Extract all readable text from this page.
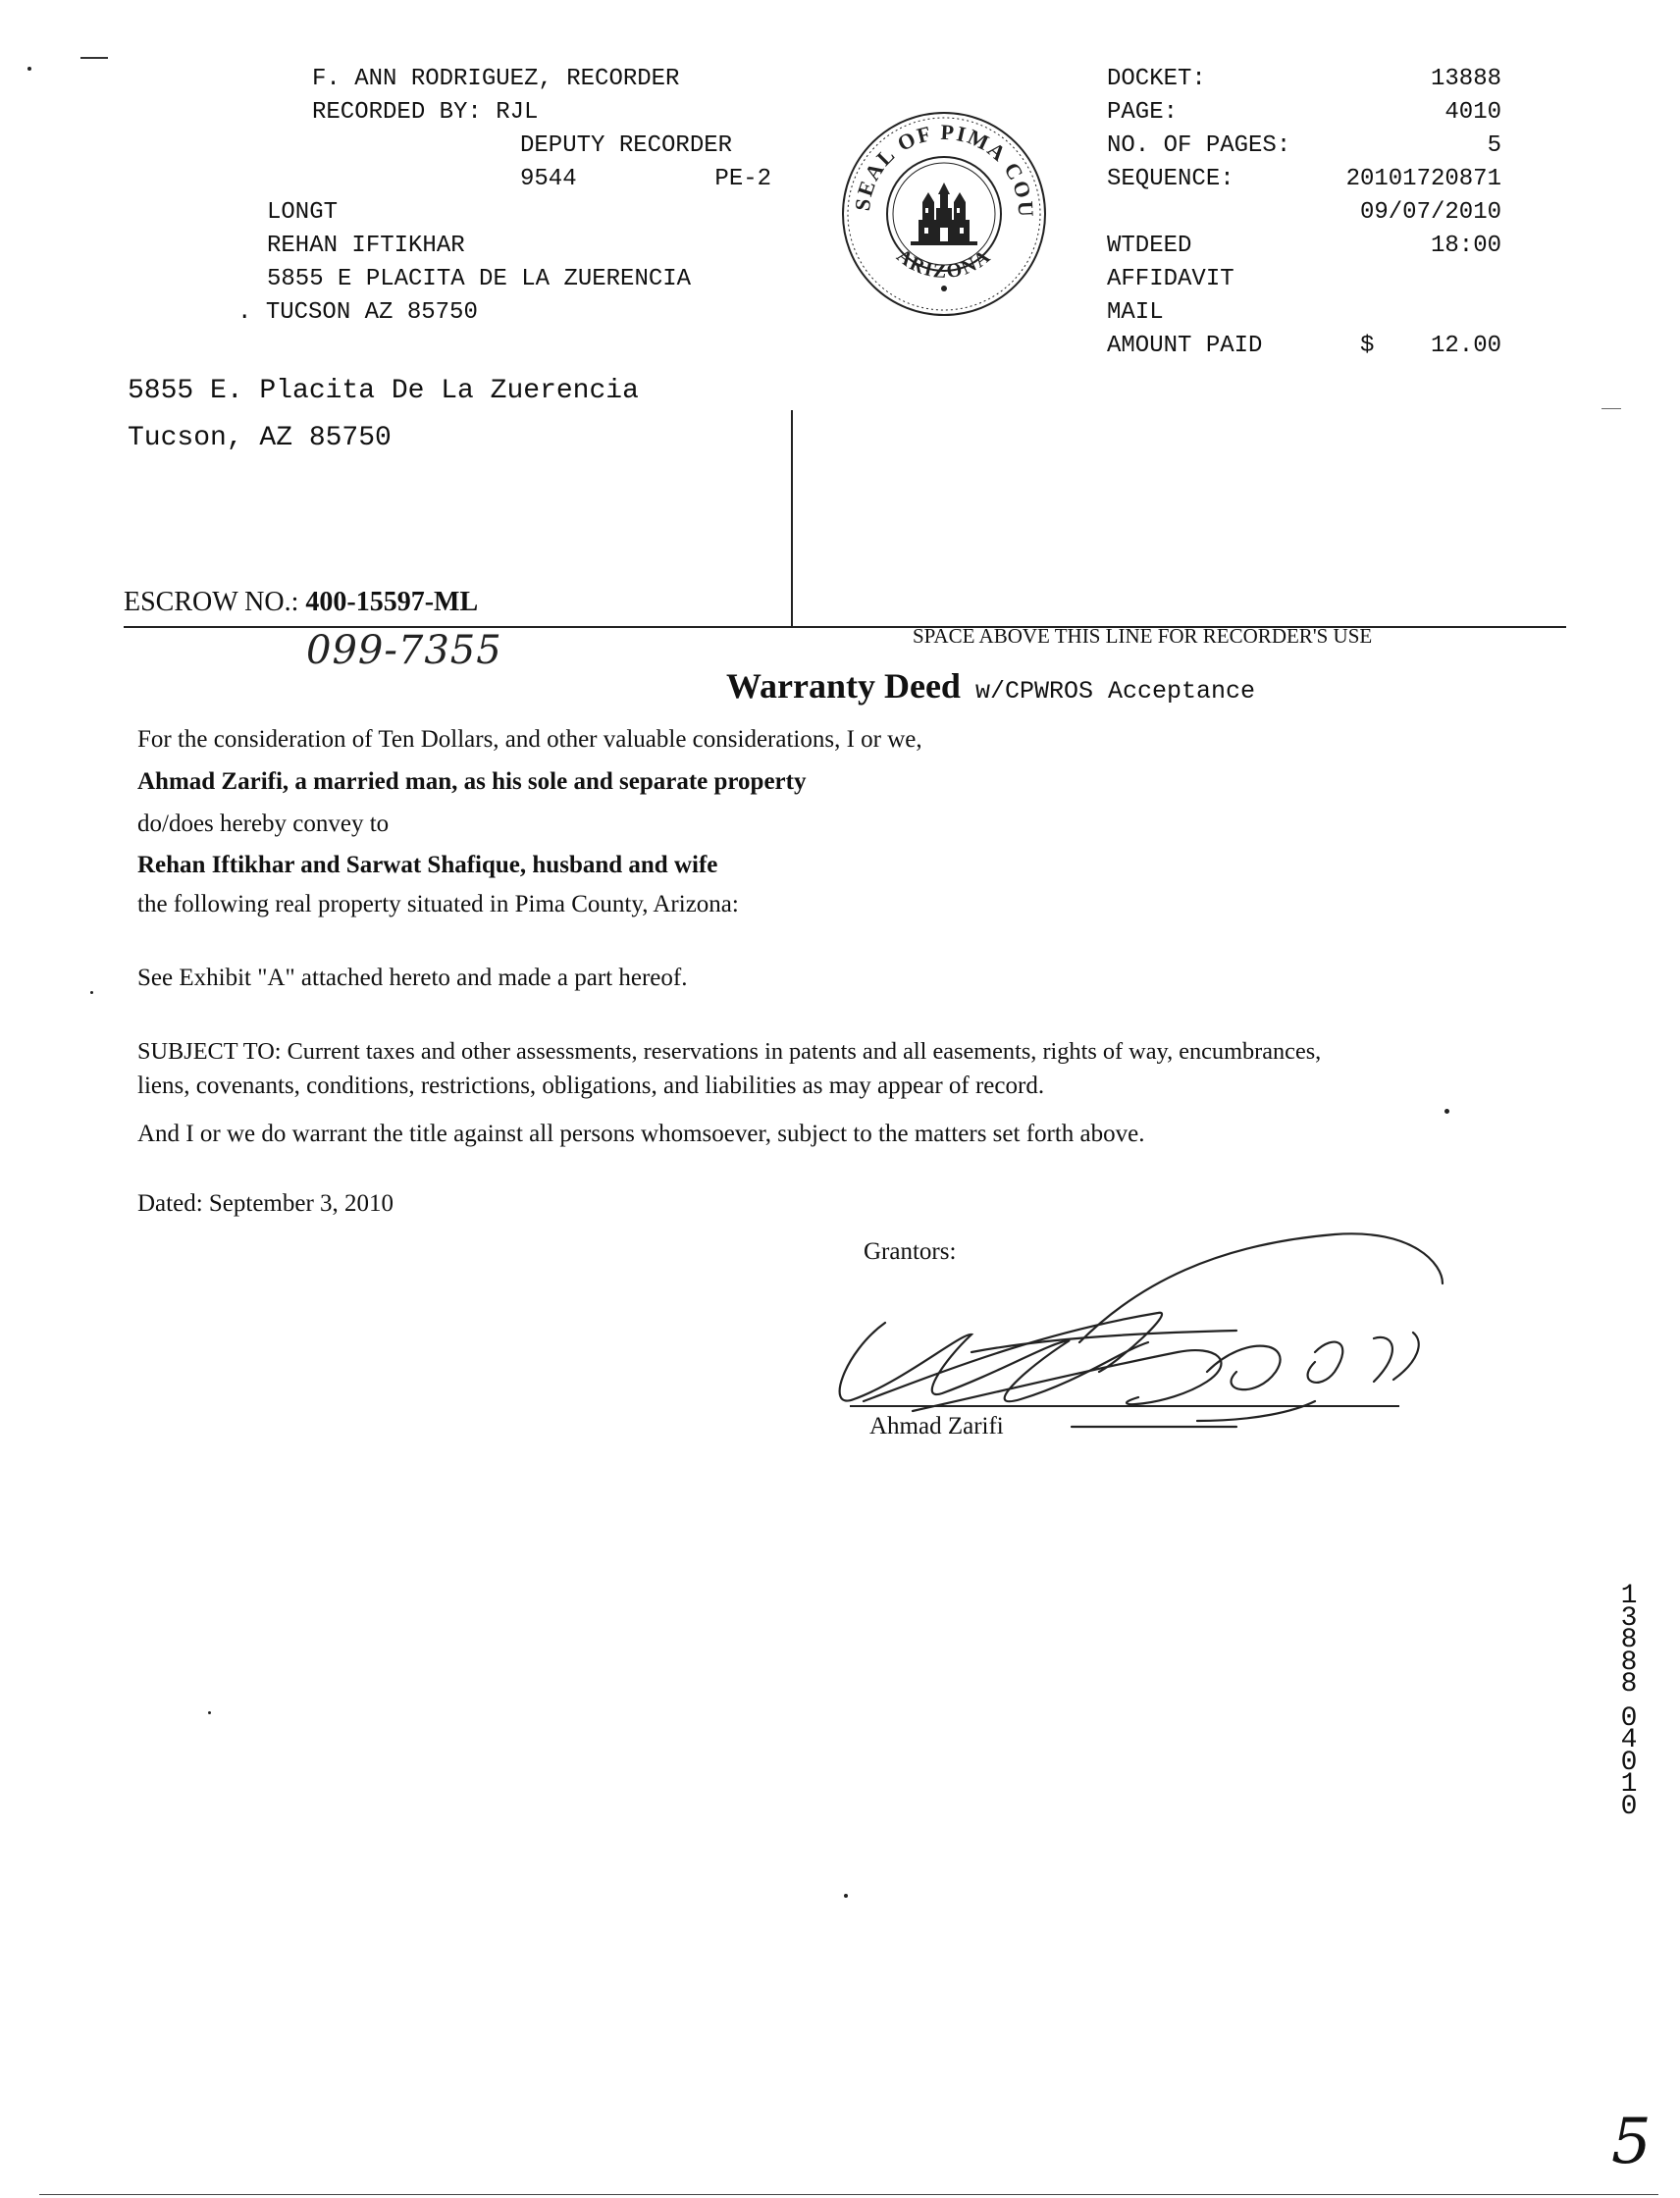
F. ANN RODRIGUEZ, RECORDER
RECORDED BY: RJL
DEPUTY RECORDER
9544	PE-2
LONGT
REHAN IFTIKHAR
5855 E PLACITA DE LA ZUERENCIA
. TUCSON AZ 85750
SEAL OF PIMA COU
ARIZONA
DOCKET:	13888
PAGE:	4010
NO. OF PAGES:	5
SEQUENCE:	20101720871
09/07/2010
WTDEED	18:00
AFFIDAVIT
MAIL
AMOUNT PAID	$    12.00
5855 E. Placita De La Zuerencia
Tucson, AZ 85750
ESCROW NO.: 400-15597-ML
099-7355	SPACE ABOVE THIS LINE FOR RECORDER'S USE
Warranty Deed w/CPWROS Acceptance
For the consideration of Ten Dollars, and other valuable considerations, I or we,
Ahmad Zarifi, a married man, as his sole and separate property
do/does hereby convey to
Rehan Iftikhar and Sarwat Shafique, husband and wife
the following real property situated in Pima County, Arizona:
See Exhibit "A" attached hereto and made a part hereof.
SUBJECT TO: Current taxes and other assessments, reservations in patents and all easements, rights of way, encumbrances,
liens, covenants, conditions, restrictions, obligations, and liabilities as may appear of record.
And I or we do warrant the title against all persons whomsoever, subject to the matters set forth above.
Dated: September 3, 2010
Grantors:
Ahmad Zarifi
1
3
8
8
8
0
4
0
1
0
5
